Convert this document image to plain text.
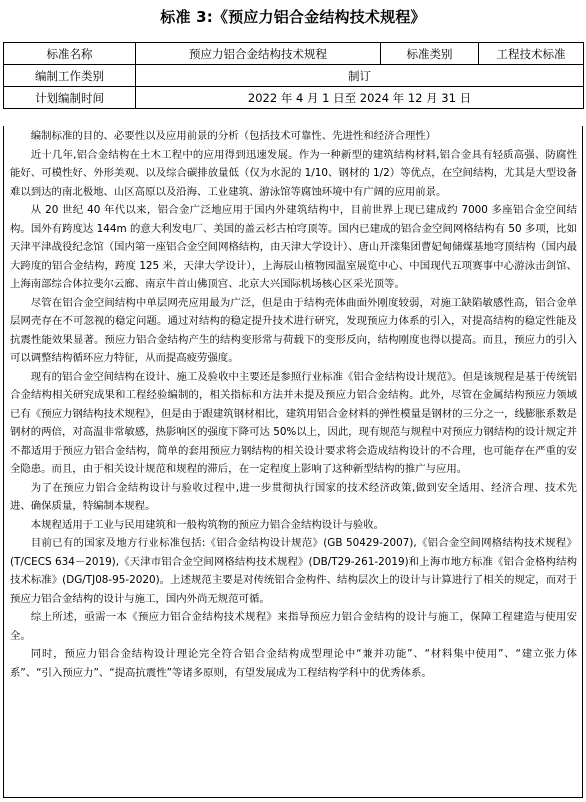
标准 3:《预应力铝合金结构技术规程》
标准名称	预应力铝合金结构技术规程	标准类别	工程技术标准
编制工作类别	制订		
计划编制时间	2022 年 4 月 1 日至 2024 年 12 月 31 日		

编制标准的目的、必要性以及应用前景的分析（包括技术可靠性、先进性和经济合理性）

近十几年,铝合金结构在土木工程中的应用得到迅速发展。作为一种新型的建筑结构材料,铝合金具有轻质高强、防腐性能好、可模性好、外形美观、以及综合碳排放量低（仅为水泥的 1/10、钢材的 1/2）等优点，在空间结构，尤其是大型设备难以到达的南北极地、山区高原以及沿海、工业建筑、游泳馆等腐蚀环境中有广阔的应用前景。

从 20 世纪 40 年代以来，铝合金广泛地应用于国内外建筑结构中，目前世界上现已建成约 7000 多座铝合金空间结构。国外有跨度达 144m 的意大利发电厂、美国的盖云杉古柏穹顶等。国内已建成的铝合金空间网格结构有 50 多项，比如天津平津战役纪念馆（国内第一座铝合金空间网格结构，由天津大学设计）、唐山开滦集团曹妃甸储煤基地穹顶结构（国内最大跨度的铝合金结构，跨度 125 米，天津大学设计），上海辰山植物园温室展览中心、中国现代五项赛事中心游泳击剑馆、上海南部综合体拉斐尔云廊、南京牛首山佛顶宫、北京大兴国际机场核心区采光顶等。

尽管在铝合金空间结构中单层网壳应用最为广泛，但是由于结构壳体曲面外刚度较弱，对施工缺陷敏感性高，铝合金单层网壳存在不可忽视的稳定问题。通过对结构的稳定提升技术进行研究，发现预应力体系的引入，对提高结构的稳定性能及抗震性能效果显著。预应力铝合金结构产生的结构变形常与荷载下的变形反向，结构刚度也得以提高。而且，预应力的引入可以调整结构循环应力特征，从而提高疲劳强度。

现有的铝合金空间结构在设计、施工及验收中主要还是参照行业标准《铝合金结构设计规范》。但是该规程是基于传统铝合金结构相关研究成果和工程经验编制的，相关指标和方法并未提及预应力铝合金结构。此外，尽管在金属结构预应力领域已有《预应力钢结构技术规程》，但是由于跟建筑钢材相比，建筑用铝合金材料的弹性模量是钢材的三分之一，线膨胀系数是钢材的两倍，对高温非常敏感，热影响区的强度下降可达 50%以上，因此，现有规范与规程中对预应力钢结构的设计规定并不都适用于预应力铝合金结构，简单的套用预应力钢结构的相关设计要求将会造成结构设计的不合理，也可能存在严重的安全隐患。而且，由于相关设计规范和规程的滞后，在一定程度上影响了这种新型结构的推广与应用。

为了在预应力铝合金结构设计与验收过程中,进一步贯彻执行国家的技术经济政策,做到安全适用、经济合理、技术先进、确保质量，特编制本规程。

本规程适用于工业与民用建筑和一般构筑物的预应力铝合金结构设计与验收。

目前已有的国家及地方行业标准包括:《铝合金结构设计规范》(GB 50429-2007),《铝合金空间网格结构技术规程》(T/CECS 634－2019),《天津市铝合金空间网格结构技术规程》(DB/T29-261-2019)和上海市地方标准《铝合金格构结构技术标准》(DG/TJ08-95-2020)。上述规范主要是对传统铝合金构件、结构层次上的设计与计算进行了相关的规定，而对于预应力铝合金结构的设计与施工，国内外尚无规范可循。

综上所述，亟需一本《预应力铝合金结构技术规程》来指导预应力铝合金结构的设计与施工，保障工程建造与使用安全。

同时，预应力铝合金结构设计理论完全符合铝合金结构成型理论中“兼并功能”、“材料集中使用”、“建立张力体系”、“引入预应力”、“提高抗震性”等诸多原则，有望发展成为工程结构学科中的优秀体系。
